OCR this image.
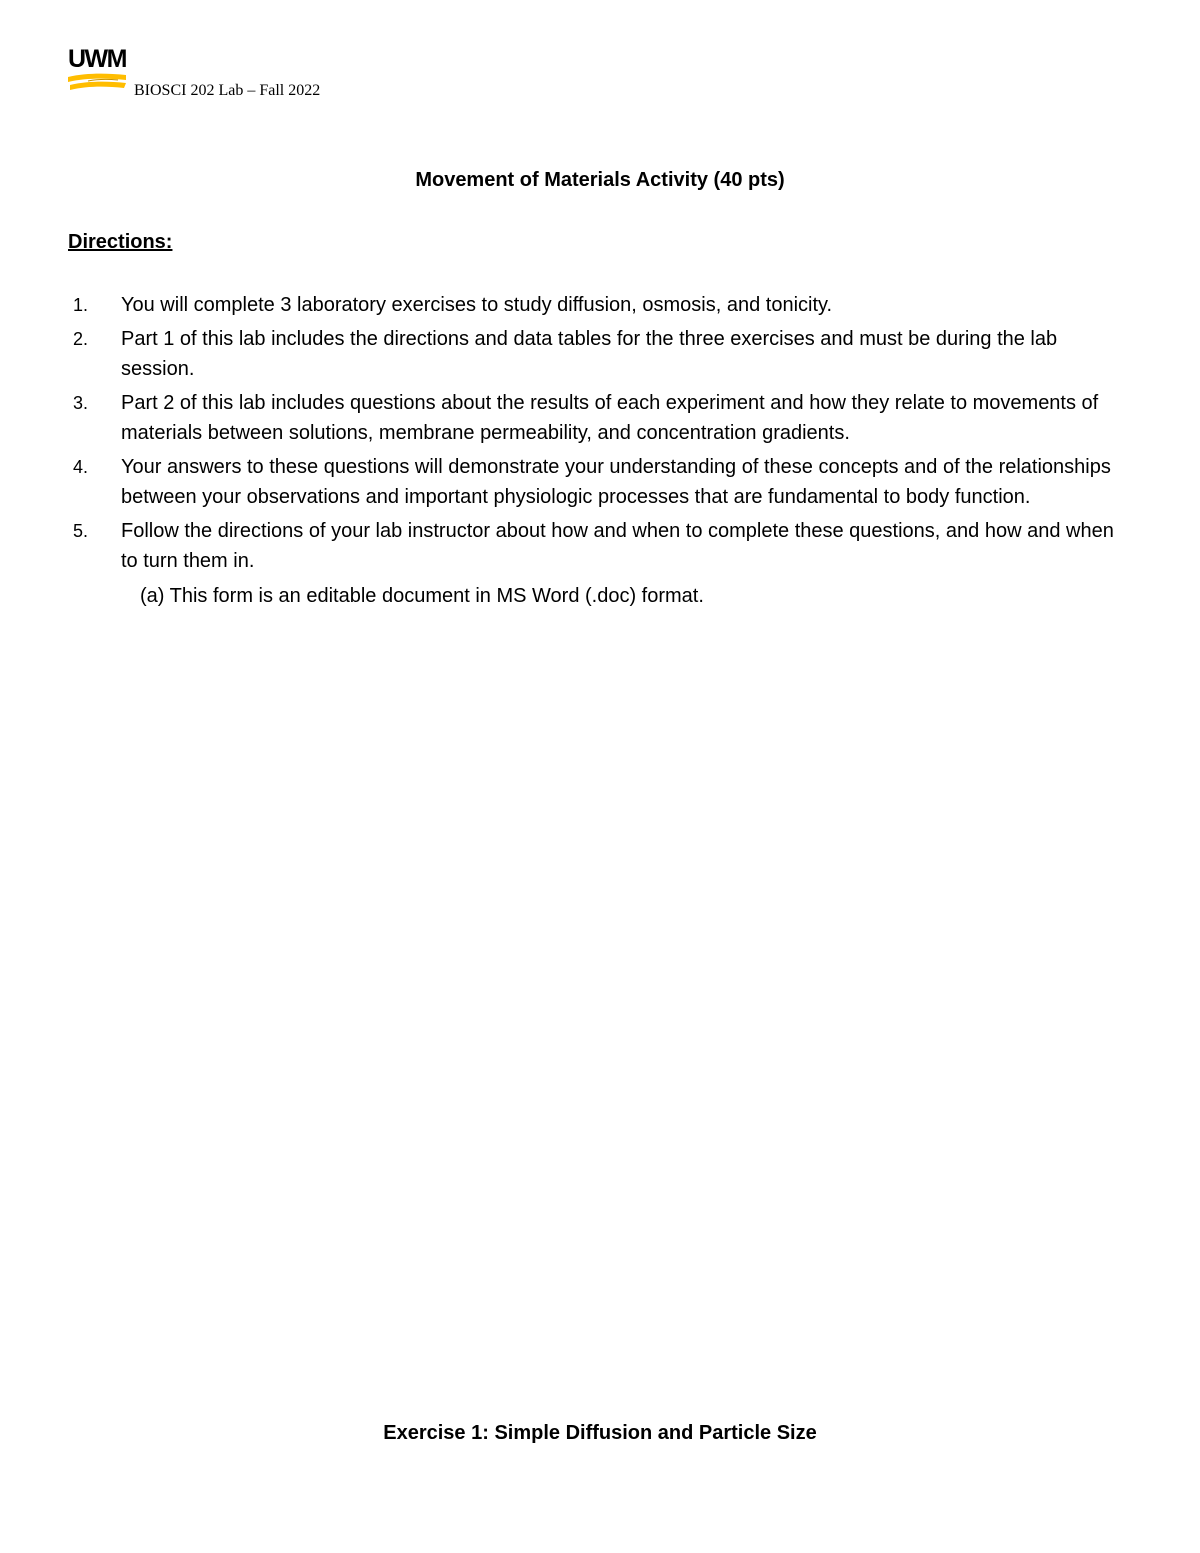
UWM
BIOSCI 202 Lab – Fall 2022
Movement of Materials Activity (40 pts)
Directions:
1. You will complete 3 laboratory exercises to study diffusion, osmosis, and tonicity.
2. Part 1 of this lab includes the directions and data tables for the three exercises and must be during the lab session.
3. Part 2 of this lab includes questions about the results of each experiment and how they relate to movements of materials between solutions, membrane permeability, and concentration gradients.
4. Your answers to these questions will demonstrate your understanding of these concepts and of the relationships between your observations and important physiologic processes that are fundamental to body function.
5. Follow the directions of your lab instructor about how and when to complete these questions, and how and when to turn them in.
(a) This form is an editable document in MS Word (.doc) format.
Exercise 1: Simple Diffusion and Particle Size
